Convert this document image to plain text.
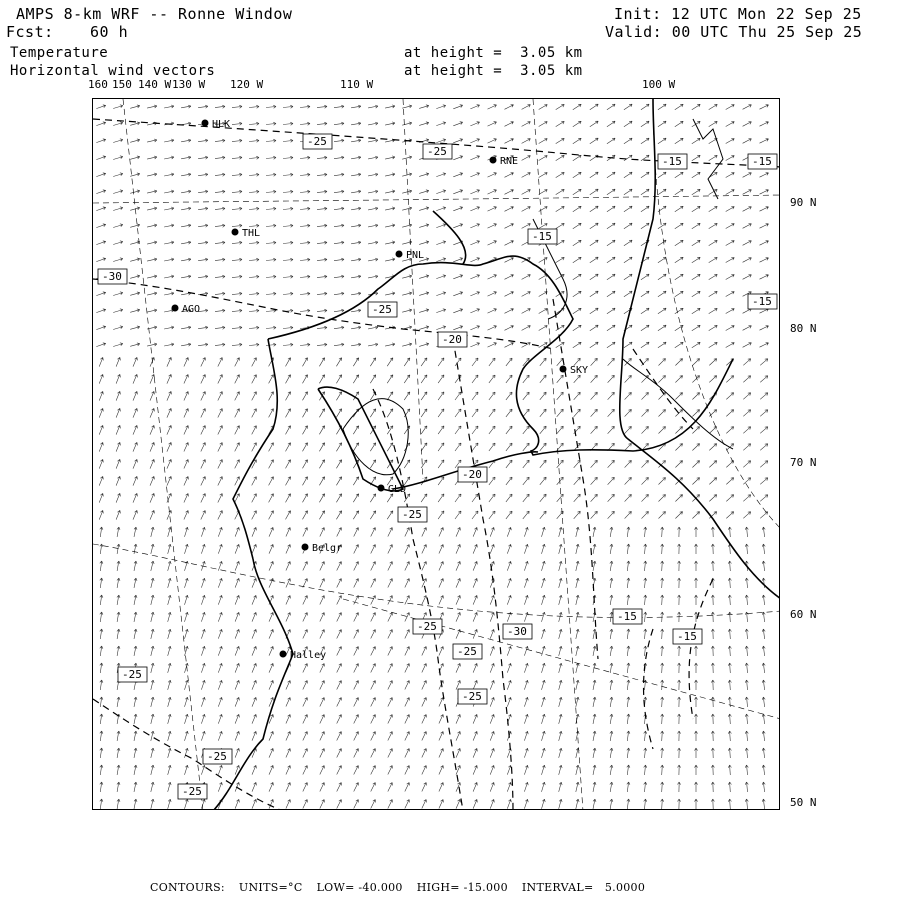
AMPS 8-km WRF -- Ronne Window
Fcst: 60 h
Init: 12 UTC Mon 22 Sep 25
Valid: 00 UTC Thu 25 Sep 25
Temperature
Horizontal wind vectors
at height =  3.05 km
at height =  3.05 km
160 150 140 W 130 W 120 W	110 W	100 W
90 N
80 N
70 N
60 N
50 N
HLK
RNE
THL
PNL
AGO
SKY
GLD
Belgr
Halley
-25
-25
-15	-15
-15
-30
-15
-25
-20
-20
-25
-25	-30
-25
-15
-15
-25
-25
-25
-25
CONTOURS: UNITS=°C LOW= -40.000 HIGH= -15.000 INTERVAL=   5.0000
